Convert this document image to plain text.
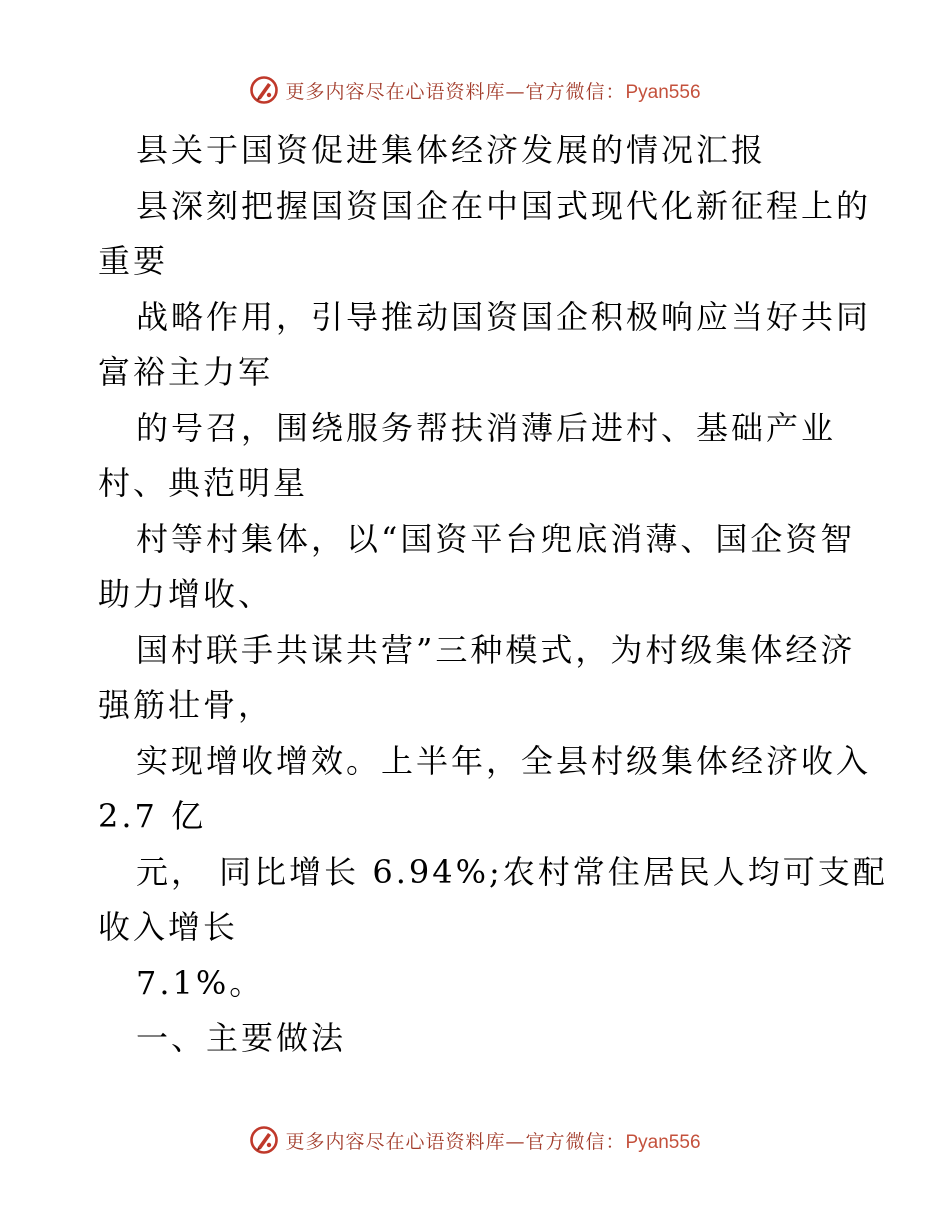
更多内容尽在心语资料库—官方微信：Pyan556
县关于国资促进集体经济发展的情况汇报
县深刻把握国资国企在中国式现代化新征程上的
重要
战略作用，引导推动国资国企积极响应当好共同
富裕主力军
的号召，围绕服务帮扶消薄后进村、基础产业
村、典范明星
村等村集体，以“国资平台兜底消薄、国企资智
助力增收、
国村联手共谋共营”三种模式，为村级集体经济
强筋壮骨，
实现增收增效。上半年，全县村级集体经济收入
2.7 亿
元， 同比增长 6.94%;农村常住居民人均可支配
收入增长
7.1%。
一、主要做法
更多内容尽在心语资料库—官方微信：Pyan556
